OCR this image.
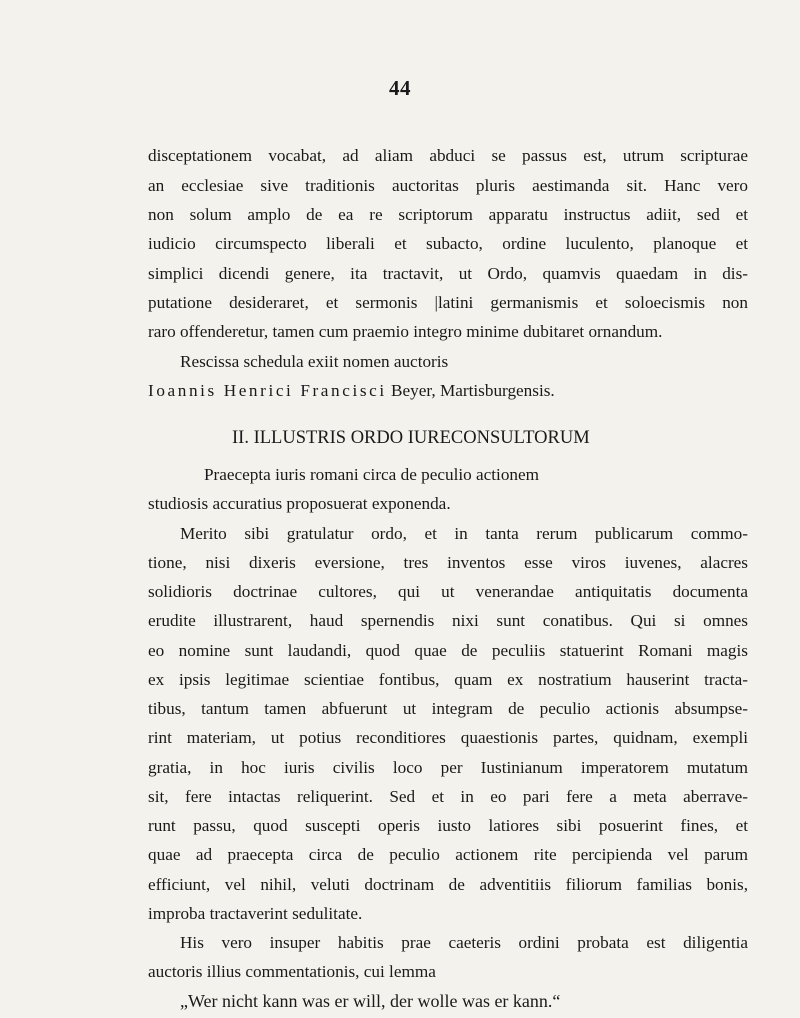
44
disceptationem vocabat, ad aliam abduci se passus est, utrum scripturae
an ecclesiae sive traditionis auctoritas pluris aestimanda sit. Hanc vero
non solum amplo de ea re scriptorum apparatu instructus adiit, sed et
iudicio circumspecto liberali et subacto, ordine luculento, planoque et
simplici dicendi genere, ita tractavit, ut Ordo, quamvis quaedam in dis-
putatione desideraret, et sermonis |latini germanismis et soloecismis non
raro offenderetur, tamen cum praemio integro minime dubitaret ornandum.
Rescissa schedula exiit nomen auctoris
Ioannis Henrici Francisci Beyer, Martisburgensis.
II. ILLUSTRIS ORDO IURECONSULTORUM
Praecepta iuris romani circa de peculio actionem
studiosis accuratius proposuerat exponenda.
Merito sibi gratulatur ordo, et in tanta rerum publicarum commo-
tione, nisi dixeris eversione, tres inventos esse viros iuvenes, alacres
solidioris doctrinae cultores, qui ut venerandae antiquitatis documenta
erudite illustrarent, haud spernendis nixi sunt conatibus. Qui si omnes
eo nomine sunt laudandi, quod quae de peculiis statuerint Romani magis
ex ipsis legitimae scientiae fontibus, quam ex nostratium hauserint tracta-
tibus, tantum tamen abfuerunt ut integram de peculio actionis absumpse-
rint materiam, ut potius reconditiores quaestionis partes, quidnam, exempli
gratia, in hoc iuris civilis loco per Iustinianum imperatorem mutatum
sit, fere intactas reliquerint. Sed et in eo pari fere a meta aberrave-
runt passu, quod suscepti operis iusto latiores sibi posuerint fines, et
quae ad praecepta circa de peculio actionem rite percipienda vel parum
efficiunt, vel nihil, veluti doctrinam de adventitiis filiorum familias bonis,
improba tractaverint sedulitate.
His vero insuper habitis prae caeteris ordini probata est diligentia
auctoris illius commentationis, cui lemma
„Wer nicht kann was er will, der wolle was er kann.“
